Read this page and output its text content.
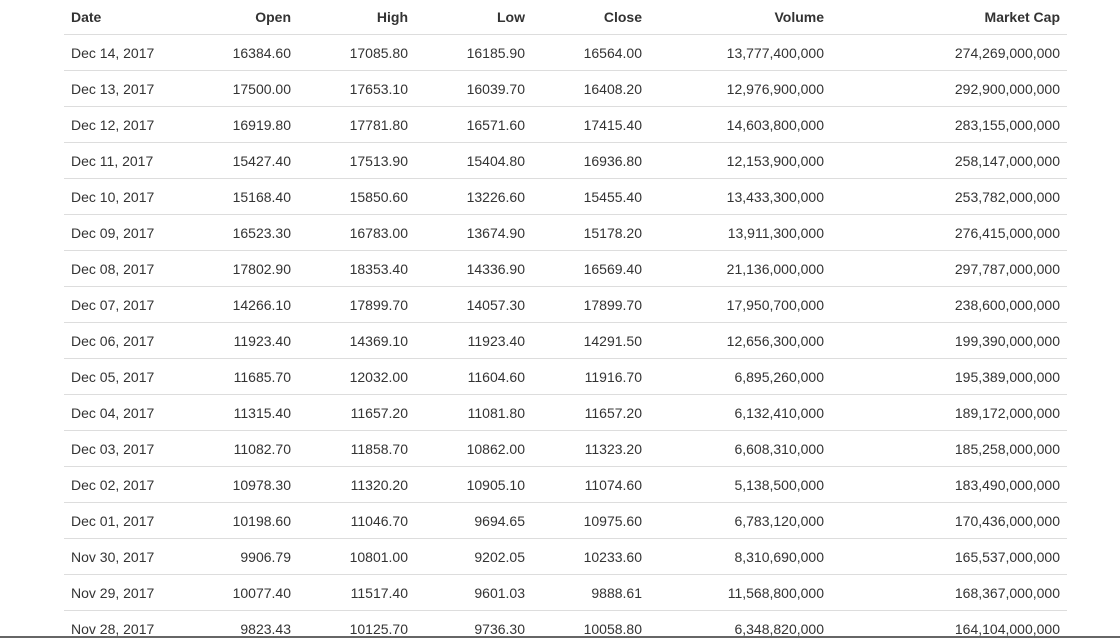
Date	Open	High	Low	Close	Volume	Market Cap
Dec 14, 2017	16384.60	17085.80	16185.90	16564.00	13,777,400,000	274,269,000,000
Dec 13, 2017	17500.00	17653.10	16039.70	16408.20	12,976,900,000	292,900,000,000
Dec 12, 2017	16919.80	17781.80	16571.60	17415.40	14,603,800,000	283,155,000,000
Dec 11, 2017	15427.40	17513.90	15404.80	16936.80	12,153,900,000	258,147,000,000
Dec 10, 2017	15168.40	15850.60	13226.60	15455.40	13,433,300,000	253,782,000,000
Dec 09, 2017	16523.30	16783.00	13674.90	15178.20	13,911,300,000	276,415,000,000
Dec 08, 2017	17802.90	18353.40	14336.90	16569.40	21,136,000,000	297,787,000,000
Dec 07, 2017	14266.10	17899.70	14057.30	17899.70	17,950,700,000	238,600,000,000
Dec 06, 2017	11923.40	14369.10	11923.40	14291.50	12,656,300,000	199,390,000,000
Dec 05, 2017	11685.70	12032.00	11604.60	11916.70	6,895,260,000	195,389,000,000
Dec 04, 2017	11315.40	11657.20	11081.80	11657.20	6,132,410,000	189,172,000,000
Dec 03, 2017	11082.70	11858.70	10862.00	11323.20	6,608,310,000	185,258,000,000
Dec 02, 2017	10978.30	11320.20	10905.10	11074.60	5,138,500,000	183,490,000,000
Dec 01, 2017	10198.60	11046.70	9694.65	10975.60	6,783,120,000	170,436,000,000
Nov 30, 2017	9906.79	10801.00	9202.05	10233.60	8,310,690,000	165,537,000,000
Nov 29, 2017	10077.40	11517.40	9601.03	9888.61	11,568,800,000	168,367,000,000
Nov 28, 2017	9823.43	10125.70	9736.30	10058.80	6,348,820,000	164,104,000,000
